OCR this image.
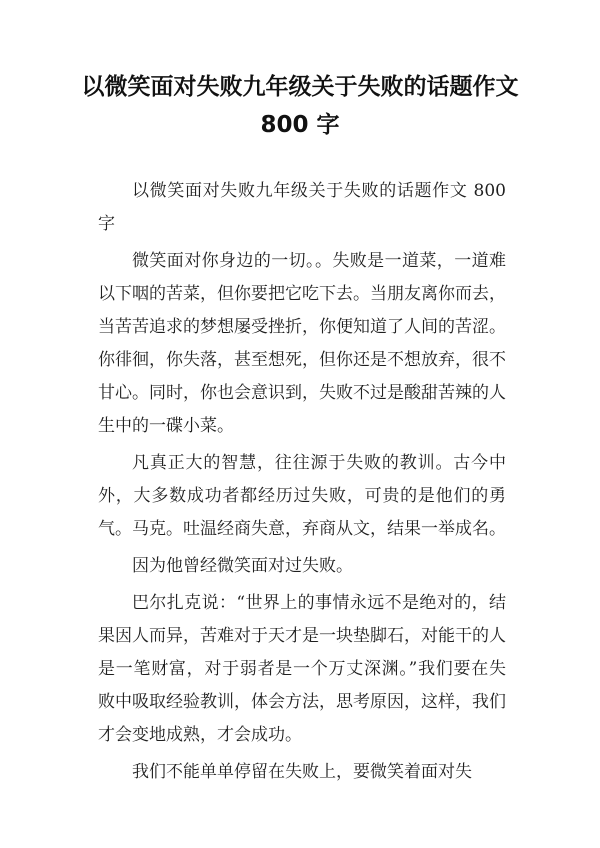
以微笑面对失败九年级关于失败的话题作文 800 字

以微笑面对失败九年级关于失败的话题作文 800 字

微笑面对你身边的一切。。失败是一道菜，一道难以下咽的苦菜，但你要把它吃下去。当朋友离你而去，当苦苦追求的梦想屡受挫折，你便知道了人间的苦涩。你徘徊，你失落，甚至想死，但你还是不想放弃，很不甘心。同时，你也会意识到，失败不过是酸甜苦辣的人生中的一碟小菜。

凡真正大的智慧，往往源于失败的教训。古今中外，大多数成功者都经历过失败，可贵的是他们的勇气。马克。吐温经商失意，弃商从文，结果一举成名。

因为他曾经微笑面对过失败。

巴尔扎克说：“世界上的事情永远不是绝对的，结果因人而异，苦难对于天才是一块垫脚石，对能干的人是一笔财富，对于弱者是一个万丈深渊。”我们要在失败中吸取经验教训，体会方法，思考原因，这样，我们才会变地成熟，才会成功。

我们不能单单停留在失败上，要微笑着面对失
